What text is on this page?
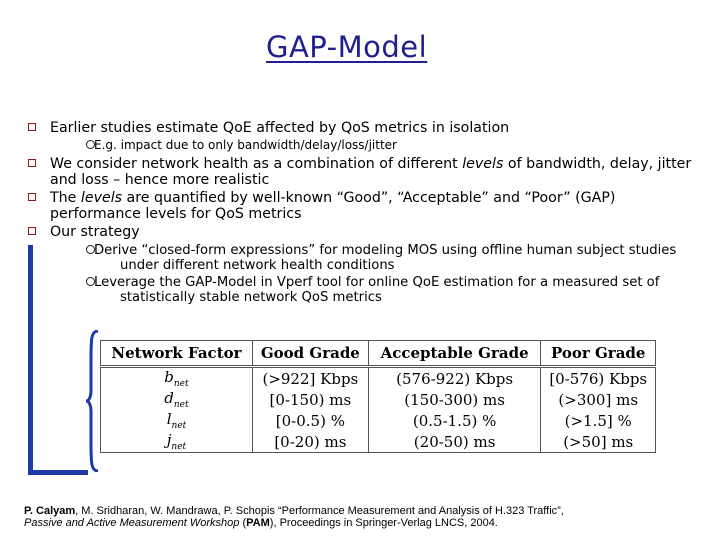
GAP-Model
Earlier studies estimate QoE affected by QoS metrics in isolation
E.g. impact due to only bandwidth/delay/loss/jitter
We consider network health as a combination of different levels of bandwidth, delay, jitter and loss – hence more realistic
The levels are quantified by well-known “Good”, “Acceptable” and “Poor” (GAP) performance levels for QoS metrics
Our strategy
Derive “closed-form expressions” for modeling MOS using offline human subject studies under different network health conditions
Leverage the GAP-Model in Vperf tool for online QoE estimation for a measured set of statistically stable network QoS metrics
Network Factor	Good Grade	Acceptable Grade	Poor Grade
$b_{net}$	(>922] Kbps	(576-922) Kbps	[0-576) Kbps
$d_{net}$	[0-150) ms	(150-300) ms	(>300] ms
$l_{net}$	[0-0.5) %	(0.5-1.5) %	(>1.5] %
$j_{net}$	[0-20) ms	(20-50) ms	(>50] ms
P. Calyam, M. Sridharan, W. Mandrawa, P. Schopis “Performance Measurement and Analysis of H.323 Traffic”,
Passive and Active Measurement Workshop (PAM), Proceedings in Springer-Verlag LNCS, 2004.
